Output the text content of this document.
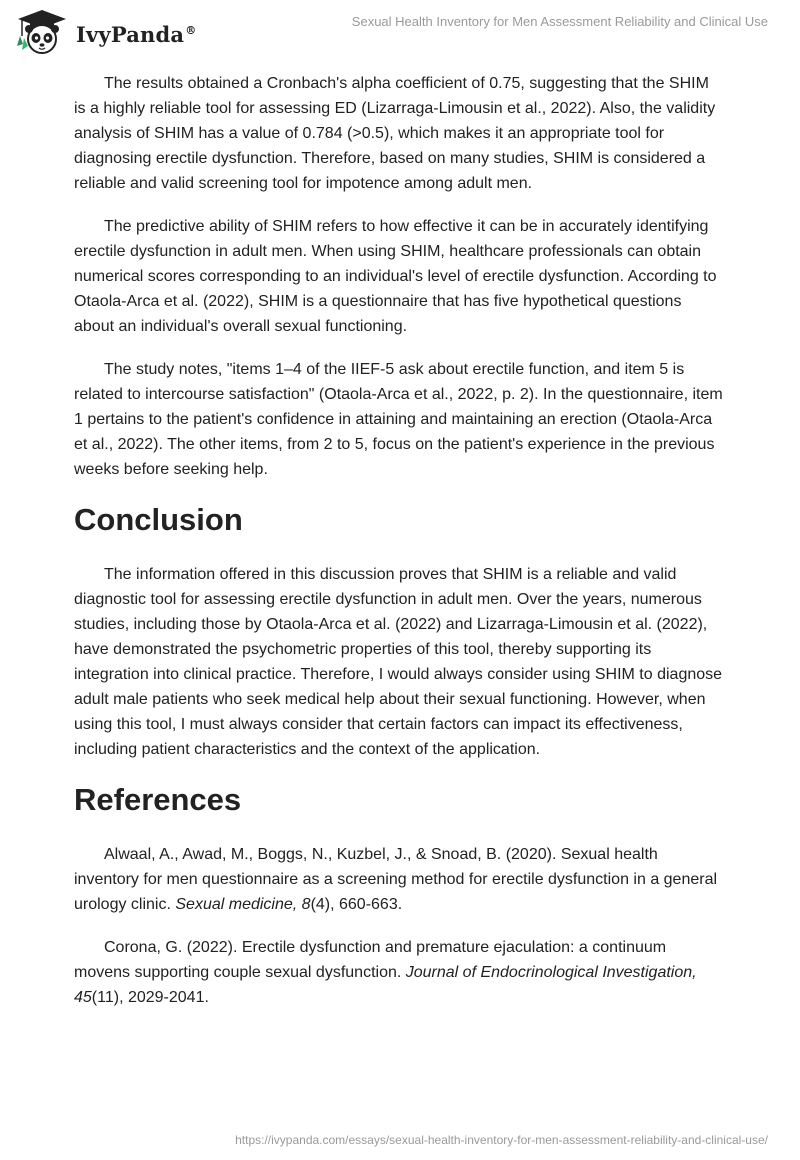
IvyPanda®
Sexual Health Inventory for Men Assessment Reliability and Clinical Use

The results obtained a Cronbach's alpha coefficient of 0.75, suggesting that the SHIM is a highly reliable tool for assessing ED (Lizarraga-Limousin et al., 2022). Also, the validity analysis of SHIM has a value of 0.784 (>0.5), which makes it an appropriate tool for diagnosing erectile dysfunction. Therefore, based on many studies, SHIM is considered a reliable and valid screening tool for impotence among adult men.

The predictive ability of SHIM refers to how effective it can be in accurately identifying erectile dysfunction in adult men. When using SHIM, healthcare professionals can obtain numerical scores corresponding to an individual's level of erectile dysfunction. According to Otaola-Arca et al. (2022), SHIM is a questionnaire that has five hypothetical questions about an individual's overall sexual functioning.

The study notes, "items 1–4 of the IIEF-5 ask about erectile function, and item 5 is related to intercourse satisfaction" (Otaola-Arca et al., 2022, p. 2). In the questionnaire, item 1 pertains to the patient's confidence in attaining and maintaining an erection (Otaola-Arca et al., 2022). The other items, from 2 to 5, focus on the patient's experience in the previous weeks before seeking help.

Conclusion

The information offered in this discussion proves that SHIM is a reliable and valid diagnostic tool for assessing erectile dysfunction in adult men. Over the years, numerous studies, including those by Otaola-Arca et al. (2022) and Lizarraga-Limousin et al. (2022), have demonstrated the psychometric properties of this tool, thereby supporting its integration into clinical practice. Therefore, I would always consider using SHIM to diagnose adult male patients who seek medical help about their sexual functioning. However, when using this tool, I must always consider that certain factors can impact its effectiveness, including patient characteristics and the context of the application.

References

Alwaal, A., Awad, M., Boggs, N., Kuzbel, J., & Snoad, B. (2020). Sexual health inventory for men questionnaire as a screening method for erectile dysfunction in a general urology clinic. Sexual medicine, 8(4), 660-663.

Corona, G. (2022). Erectile dysfunction and premature ejaculation: a continuum movens supporting couple sexual dysfunction. Journal of Endocrinological Investigation, 45(11), 2029-2041.

https://ivypanda.com/essays/sexual-health-inventory-for-men-assessment-reliability-and-clinical-use/
